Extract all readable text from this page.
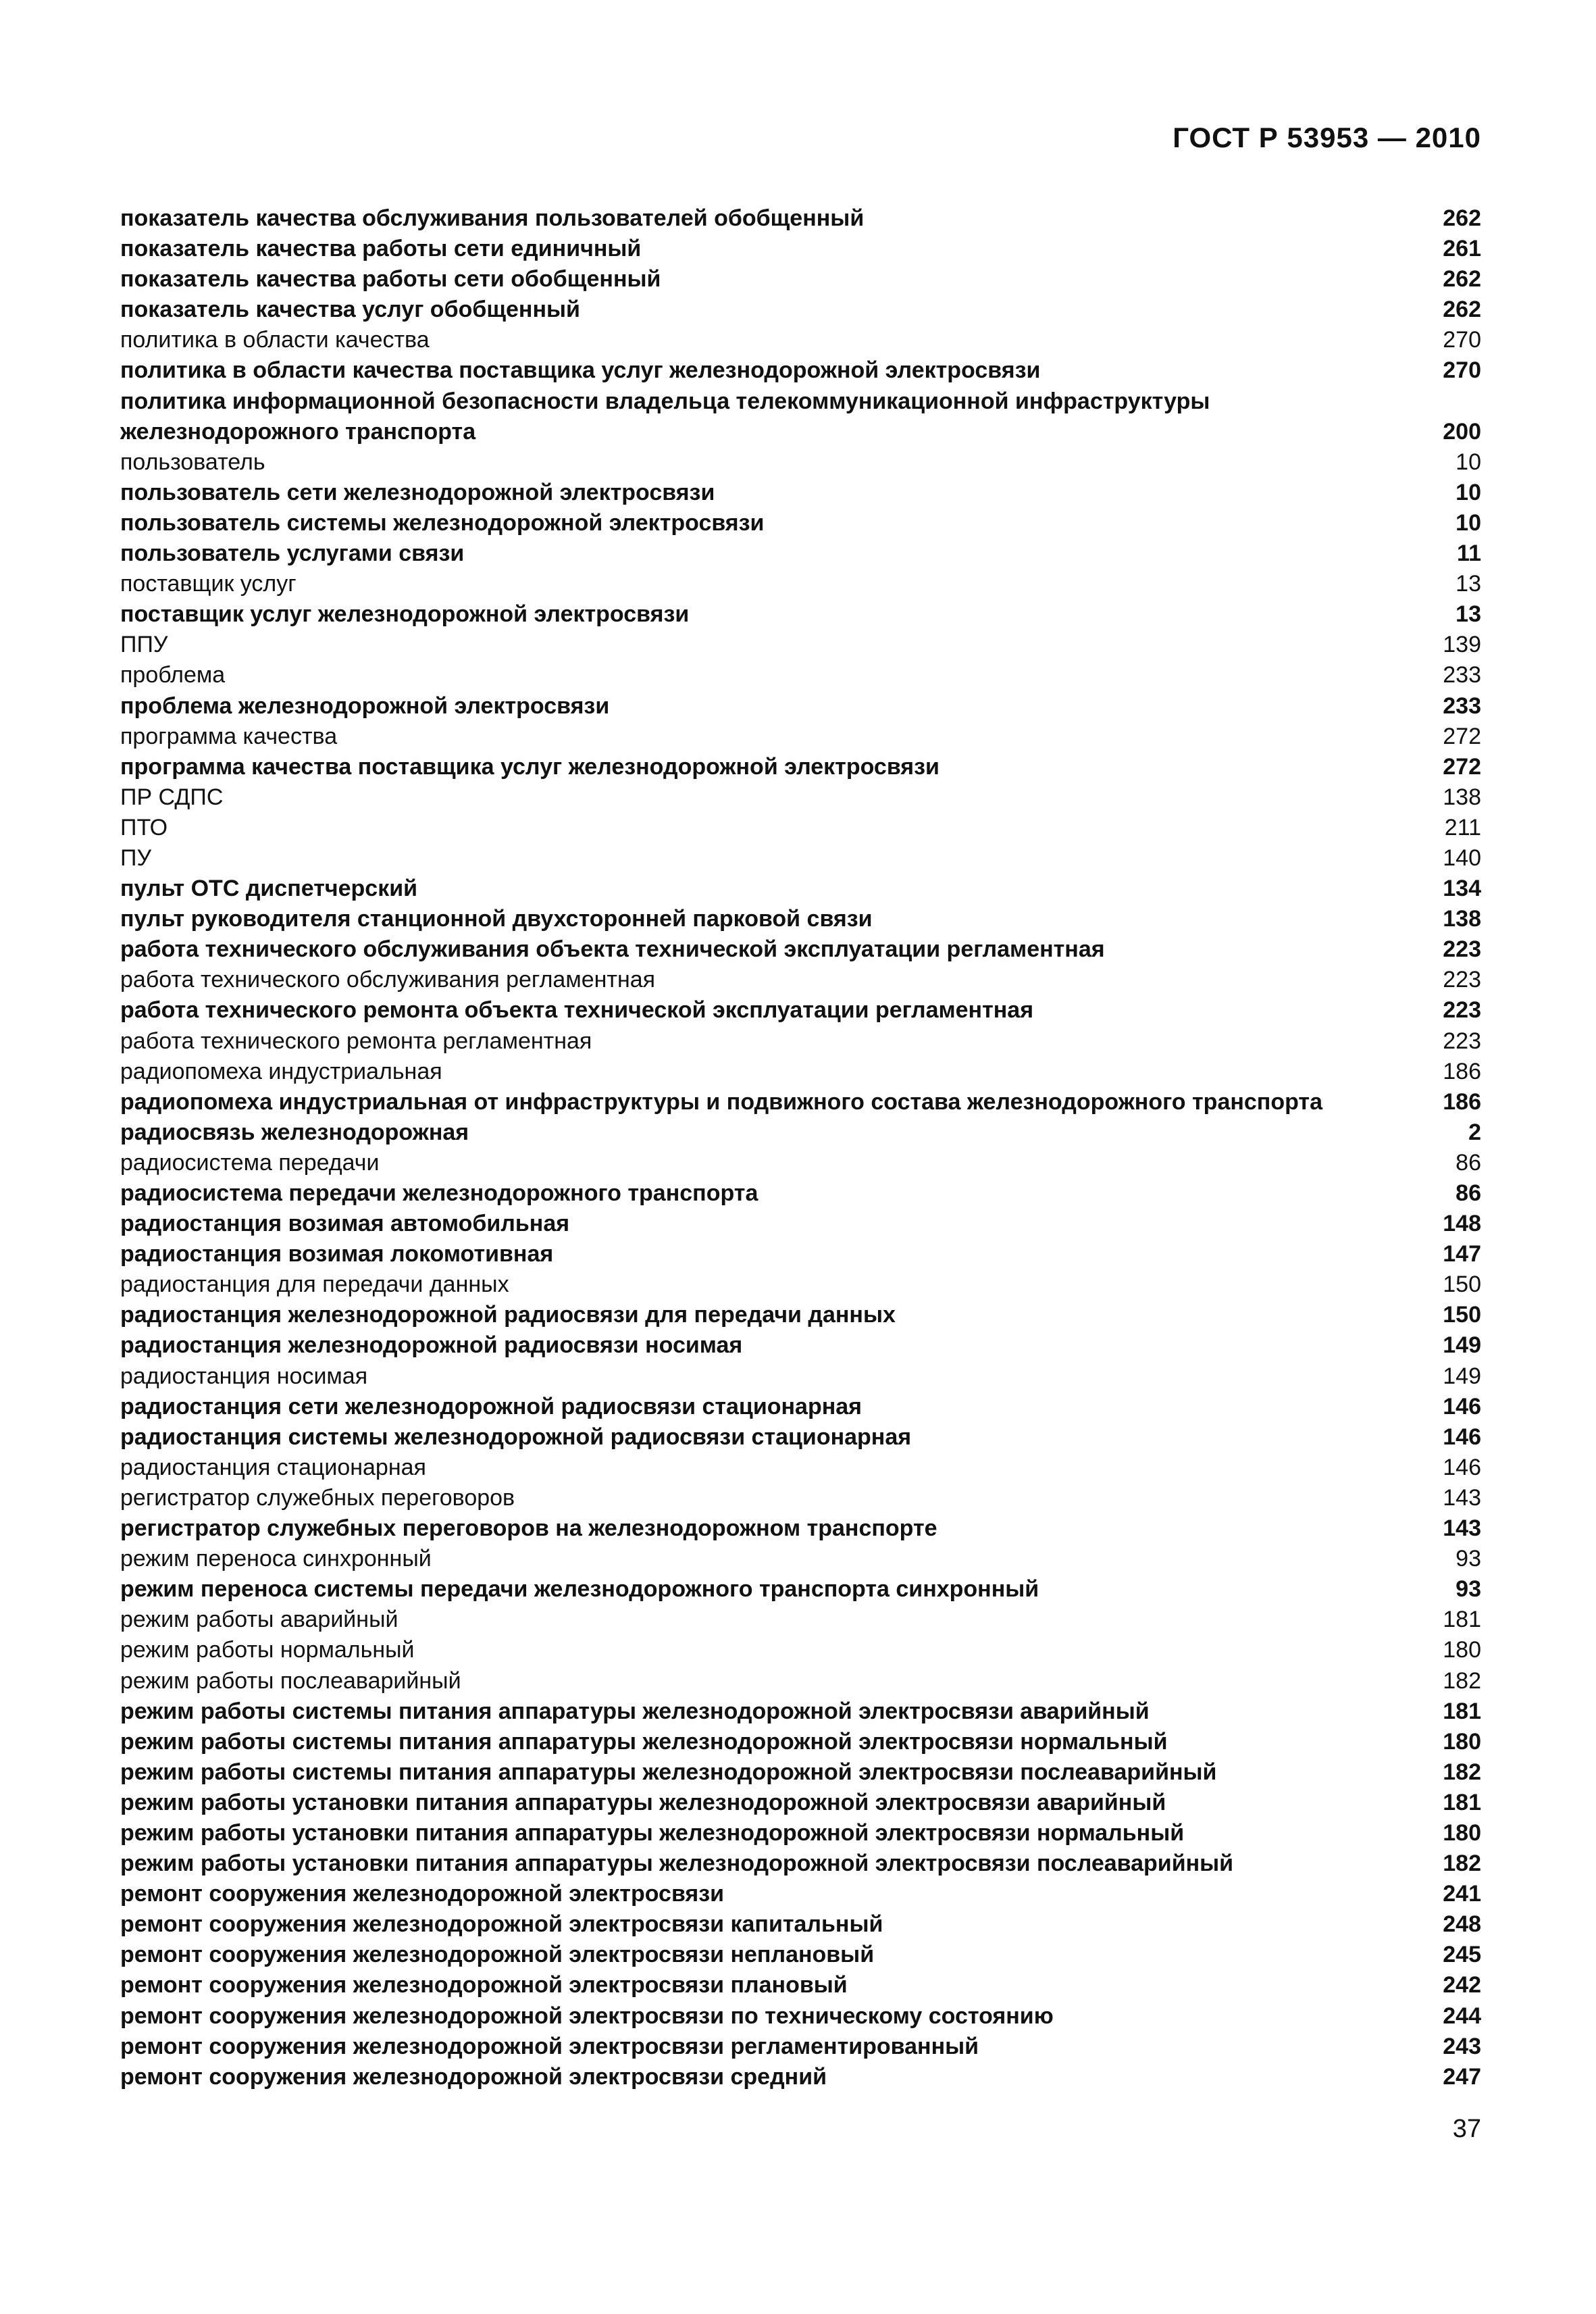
ГОСТ Р 53953 — 2010
показатель качества обслуживания пользователей обобщенный	262
показатель качества работы сети единичный	261
показатель качества работы сети обобщенный	262
показатель качества услуг обобщенный	262
политика в области качества	270
политика в области качества поставщика услуг железнодорожной электросвязи	270
политика информационной безопасности владельца телекоммуникационной инфраструктуры
железнодорожного транспорта	200
пользователь	10
пользователь сети железнодорожной электросвязи	10
пользователь системы железнодорожной электросвязи	10
пользователь услугами связи	11
поставщик услуг	13
поставщик услуг железнодорожной электросвязи	13
ППУ	139
проблема	233
проблема железнодорожной электросвязи	233
программа качества	272
программа качества поставщика услуг железнодорожной электросвязи	272
ПР СДПС	138
ПТО	211
ПУ	140
пульт ОТС диспетчерский	134
пульт руководителя станционной двухсторонней парковой связи	138
работа технического обслуживания объекта технической эксплуатации регламентная	223
работа технического обслуживания регламентная	223
работа технического ремонта объекта технической эксплуатации регламентная	223
работа технического ремонта регламентная	223
радиопомеха индустриальная	186
радиопомеха индустриальная от инфраструктуры и подвижного состава железнодорожного транспорта	186
радиосвязь железнодорожная	2
радиосистема передачи	86
радиосистема передачи железнодорожного транспорта	86
радиостанция возимая автомобильная	148
радиостанция возимая локомотивная	147
радиостанция для передачи данных	150
радиостанция железнодорожной радиосвязи для передачи данных	150
радиостанция железнодорожной радиосвязи носимая	149
радиостанция носимая	149
радиостанция сети железнодорожной радиосвязи стационарная	146
радиостанция системы железнодорожной радиосвязи стационарная	146
радиостанция стационарная	146
регистратор служебных переговоров	143
регистратор служебных переговоров на железнодорожном транспорте	143
режим переноса синхронный	93
режим переноса системы передачи железнодорожного транспорта синхронный	93
режим работы аварийный	181
режим работы нормальный	180
режим работы послеаварийный	182
режим работы системы питания аппаратуры железнодорожной электросвязи аварийный	181
режим работы системы питания аппаратуры железнодорожной электросвязи нормальный	180
режим работы системы питания аппаратуры железнодорожной электросвязи послеаварийный	182
режим работы установки питания аппаратуры железнодорожной электросвязи аварийный	181
режим работы установки питания аппаратуры железнодорожной электросвязи нормальный	180
режим работы установки питания аппаратуры железнодорожной электросвязи послеаварийный	182
ремонт сооружения железнодорожной электросвязи	241
ремонт сооружения железнодорожной электросвязи капитальный	248
ремонт сооружения железнодорожной электросвязи неплановый	245
ремонт сооружения железнодорожной электросвязи плановый	242
ремонт сооружения железнодорожной электросвязи по техническому состоянию	244
ремонт сооружения железнодорожной электросвязи регламентированный	243
ремонт сооружения железнодорожной электросвязи средний	247
37
